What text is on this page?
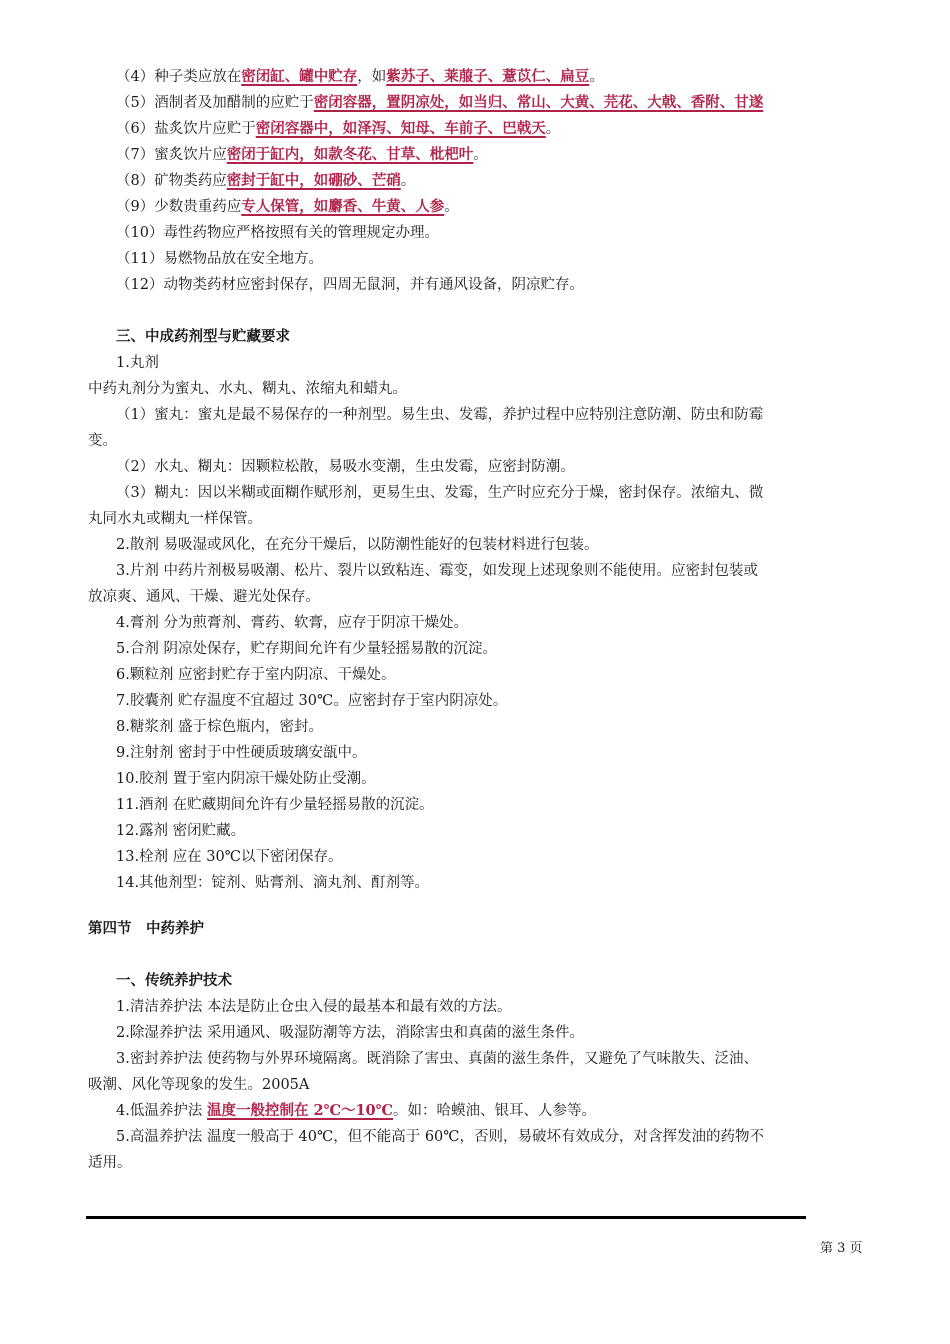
（4）种子类应放在密闭缸、罐中贮存，如紫苏子、莱菔子、薏苡仁、扁豆。
（5）酒制者及加醋制的应贮于密闭容器，置阴凉处，如当归、常山、大黄、芫花、大戟、香附、甘遂
（6）盐炙饮片应贮于密闭容器中，如泽泻、知母、车前子、巴戟天。
（7）蜜炙饮片应密闭于缸内，如款冬花、甘草、枇杷叶。
（8）矿物类药应密封于缸中，如硼砂、芒硝。
（9）少数贵重药应专人保管，如麝香、牛黄、人参。
（10）毒性药物应严格按照有关的管理规定办理。
（11）易燃物品放在安全地方。
（12）动物类药材应密封保存，四周无鼠洞，并有通风设备，阴凉贮存。
三、中成药剂型与贮藏要求
1.丸剂
中药丸剂分为蜜丸、水丸、糊丸、浓缩丸和蜡丸。
（1）蜜丸：蜜丸是最不易保存的一种剂型。易生虫、发霉，养护过程中应特别注意防潮、防虫和防霉
变。
（2）水丸、糊丸：因颗粒松散，易吸水变潮，生虫发霉，应密封防潮。
（3）糊丸：因以米糊或面糊作赋形剂，更易生虫、发霉，生产时应充分于燥，密封保存。浓缩丸、微
丸同水丸或糊丸一样保管。
2.散剂 易吸湿或风化，在充分干燥后，以防潮性能好的包装材料进行包装。
3.片剂 中药片剂极易吸潮、松片、裂片以致粘连、霉变，如发现上述现象则不能使用。应密封包装或
放凉爽、通风、干燥、避光处保存。
4.膏剂 分为煎膏剂、膏药、软膏，应存于阴凉干燥处。
5.合剂 阴凉处保存，贮存期间允许有少量轻摇易散的沉淀。
6.颗粒剂 应密封贮存于室内阴凉、干燥处。
7.胶囊剂 贮存温度不宜超过 30℃。应密封存于室内阴凉处。
8.糖浆剂 盛于棕色瓶内，密封。
9.注射剂 密封于中性硬质玻璃安瓿中。
10.胶剂 置于室内阴凉干燥处防止受潮。
11.酒剂 在贮藏期间允许有少量轻摇易散的沉淀。
12.露剂 密闭贮藏。
13.栓剂 应在 30℃以下密闭保存。
14.其他剂型：锭剂、贴膏剂、滴丸剂、酊剂等。
第四节　中药养护
一、传统养护技术
1.清洁养护法 本法是防止仓虫入侵的最基本和最有效的方法。
2.除湿养护法 采用通风、吸湿防潮等方法，消除害虫和真菌的滋生条件。
3.密封养护法 使药物与外界环境隔离。既消除了害虫、真菌的滋生条件，又避免了气味散失、泛油、
吸潮、风化等现象的发生。2005A
4.低温养护法 温度一般控制在 2℃～10℃。如：哈蟆油、银耳、人参等。
5.高温养护法 温度一般高于 40℃，但不能高于 60℃，否则，易破坏有效成分，对含挥发油的药物不
适用。
第 3 页
